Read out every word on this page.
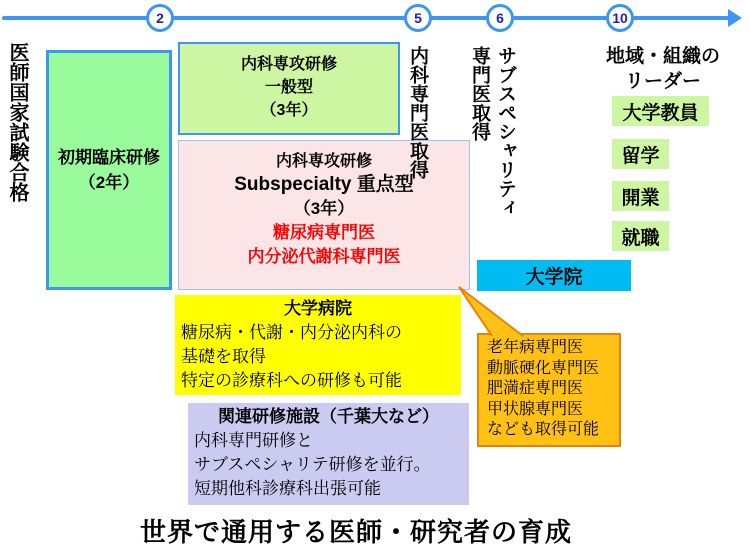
2	5	6	10
医師国家試験合格	内科専門医取得	サブスペシャリティ
専門医取得
初期臨床研修
（2年）
内科専攻研修
一般型
（3年）
内科専攻研修
Subspecialty 重点型
（3年）
糖尿病専門医
内分泌代謝科専門医
大学病院
糖尿病・代謝・内分泌内科の
基礎を取得
特定の診療科への研修も可能
関連研修施設（千葉大など）
内科専門研修と
サブスペシャリテ研修を並行。
短期他科診療科出張可能
大学院
老年病専門医
動脈硬化専門医
肥満症専門医
甲状腺専門医
なども取得可能
地域・組織の
リーダー
大学教員
留学
開業
就職
世界で通用する医師・研究者の育成
